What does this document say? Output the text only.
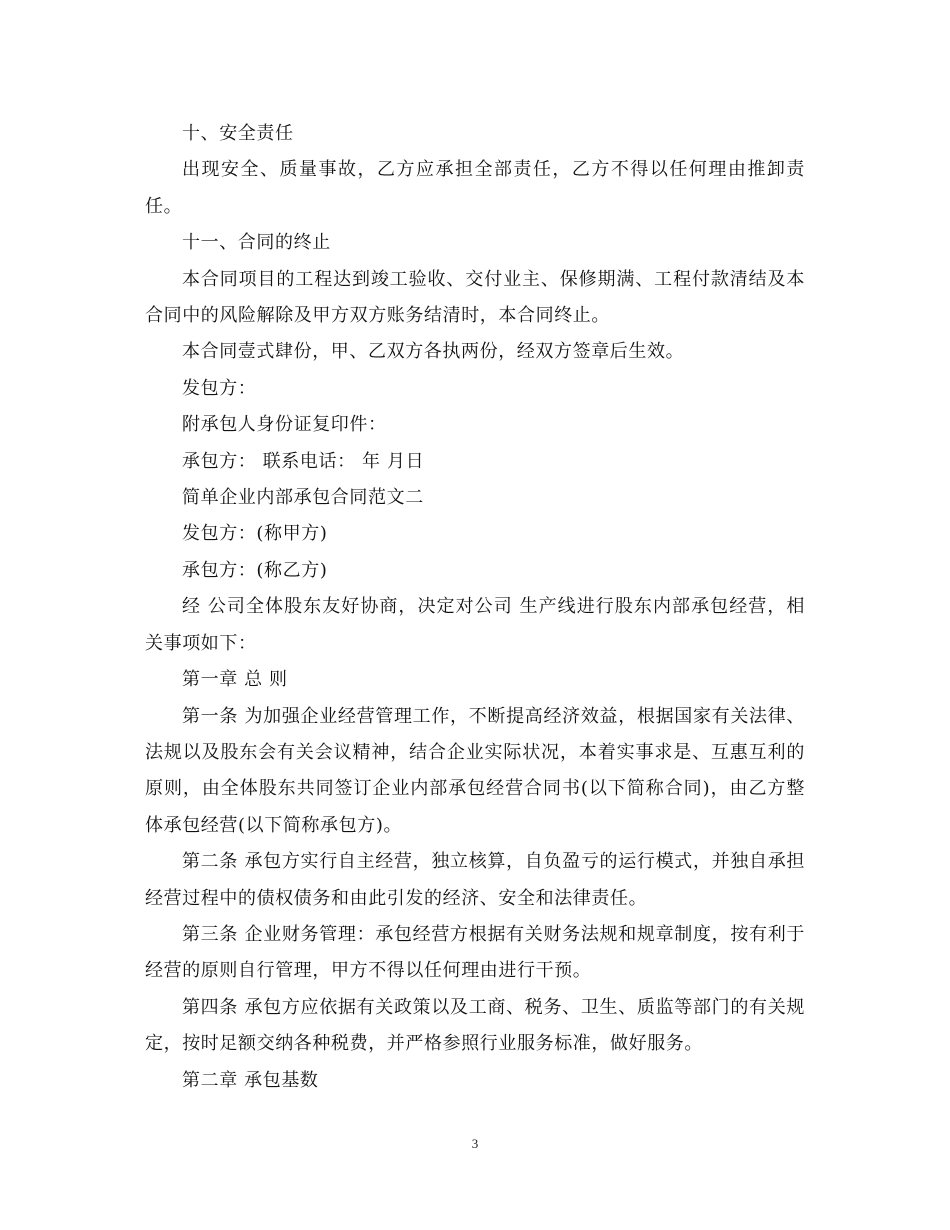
十、安全责任

出现安全、质量事故，乙方应承担全部责任，乙方不得以任何理由推卸责任。

十一、合同的终止

本合同项目的工程达到竣工验收、交付业主、保修期满、工程付款清结及本合同中的风险解除及甲方双方账务结清时，本合同终止。

本合同壹式肆份，甲、乙双方各执两份，经双方签章后生效。

发包方：

附承包人身份证复印件：

承包方： 联系电话： 年 月日

简单企业内部承包合同范文二

发包方：(称甲方)

承包方：(称乙方)

经 公司全体股东友好协商，决定对公司 生产线进行股东内部承包经营，相关事项如下：

第一章 总 则

第一条 为加强企业经营管理工作，不断提高经济效益，根据国家有关法律、法规以及股东会有关会议精神，结合企业实际状况，本着实事求是、互惠互利的原则，由全体股东共同签订企业内部承包经营合同书(以下简称合同)，由乙方整体承包经营(以下简称承包方)。

第二条 承包方实行自主经营，独立核算，自负盈亏的运行模式，并独自承担经营过程中的债权债务和由此引发的经济、安全和法律责任。

第三条 企业财务管理：承包经营方根据有关财务法规和规章制度，按有利于经营的原则自行管理，甲方不得以任何理由进行干预。

第四条 承包方应依据有关政策以及工商、税务、卫生、质监等部门的有关规定，按时足额交纳各种税费，并严格参照行业服务标准，做好服务。

第二章 承包基数

3
